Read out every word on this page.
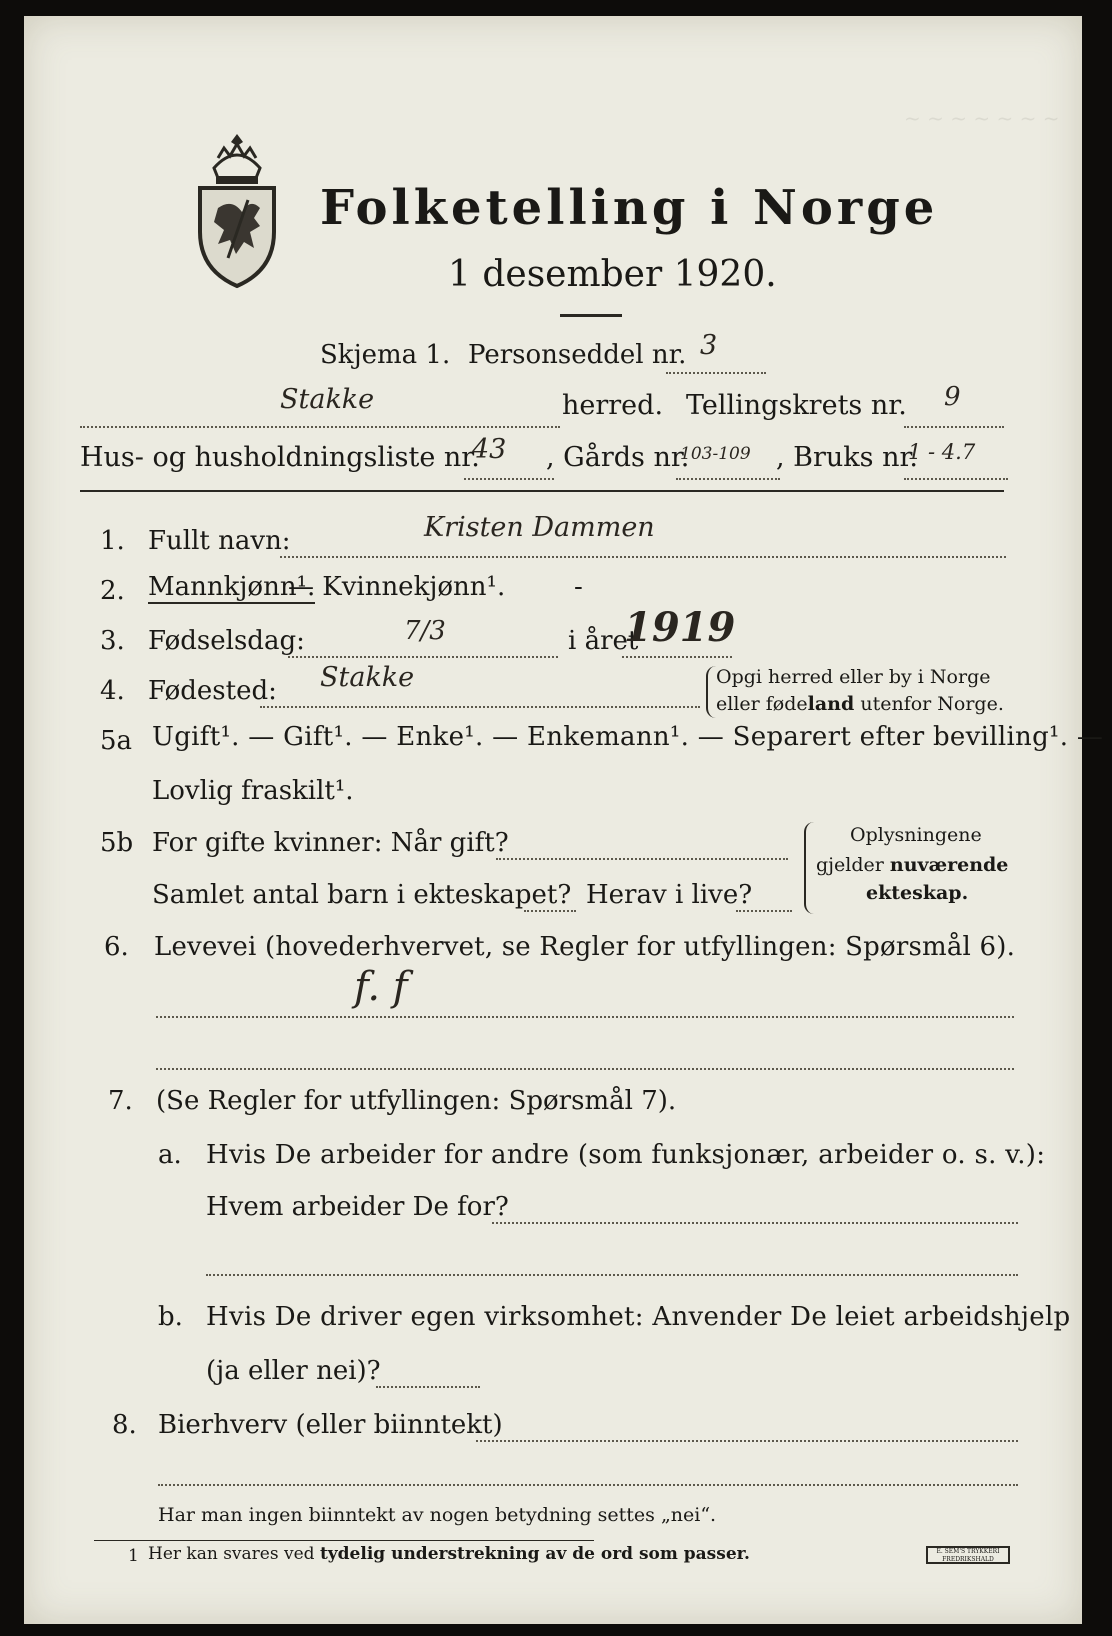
~ ~ ~ ~ ~ ~ ~
Folketelling i Norge
1 desember 1920.
Skjema 1. Personseddel nr. 3
Stakke	herred. Tellingskrets nr. 9
Hus- og husholdningsliste nr.
43 , Gårds nr.
103-109 , Bruks nr.
1 - 4.7
1. Fullt navn:	Kristen Dammen
2. Mannkjønn¹.
— Kvinnekjønn¹.	-
3. Fødselsdag:	7/3	i året
1919
4. Fødested: Stakke	Opgi herred eller by i Norge
eller fødeland utenfor Norge.
5a Ugift¹. — Gift¹. — Enke¹. — Enkemann¹. — Separert efter bevilling¹. —
Lovlig fraskilt¹.
5b For gifte kvinner: Når gift?
Samlet antal barn i ekteskapet? Herav i live?
Oplysningene
gjelder nuværende
ekteskap.
6. Levevei (hovederhvervet, se Regler for utfyllingen: Spørsmål 6).
f. f
7. (Se Regler for utfyllingen: Spørsmål 7).
a. Hvis De arbeider for andre (som funksjonær, arbeider o. s. v.):
Hvem arbeider De for?
b. Hvis De driver egen virksomhet: Anvender De leiet arbeidshjelp
(ja eller nei)?
8. Bierhverv (eller biinntekt)
Har man ingen biinntekt av nogen betydning settes „nei“.
1 Her kan svares ved tydelig understrekning av de ord som passer.	E. SEM'S TRYKKERI FREDRIKSHALD
